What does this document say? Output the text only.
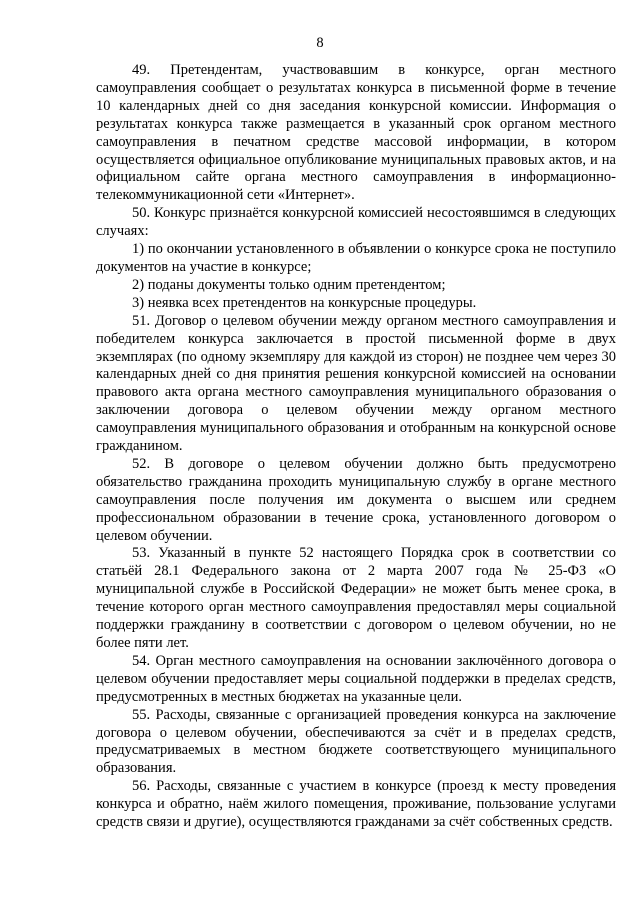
8

49. Претендентам, участвовавшим в конкурсе, орган местного самоуправления сообщает о результатах конкурса в письменной форме в течение 10 календарных дней со дня заседания конкурсной комиссии. Информация о результатах конкурса также размещается в указанный срок органом местного самоуправления в печатном средстве массовой информации, в котором осуществляется официальное опубликование муниципальных правовых актов, и на официальном сайте органа местного самоуправления в информационно-телекоммуникационной сети «Интернет».

50. Конкурс признаётся конкурсной комиссией несостоявшимся в следующих случаях:

1) по окончании установленного в объявлении о конкурсе срока не поступило документов на участие в конкурсе;

2) поданы документы только одним претендентом;

3) неявка всех претендентов на конкурсные процедуры.

51. Договор о целевом обучении между органом местного самоуправления и победителем конкурса заключается в простой письменной форме в двух экземплярах (по одному экземпляру для каждой из сторон) не позднее чем через 30 календарных дней со дня принятия решения конкурсной комиссией на основании правового акта органа местного самоуправления муниципального образования о заключении договора о целевом обучении между органом местного самоуправления муниципального образования и отобранным на конкурсной основе гражданином.

52. В договоре о целевом обучении должно быть предусмотрено обязательство гражданина проходить муниципальную службу в органе местного самоуправления после получения им документа о высшем или среднем профессиональном образовании в течение срока, установленного договором о целевом обучении.

53. Указанный в пункте 52 настоящего Порядка срок в соответствии со статьёй 28.1 Федерального закона от 2 марта 2007 года № 25-ФЗ «О муниципальной службе в Российской Федерации» не может быть менее срока, в течение которого орган местного самоуправления предоставлял меры социальной поддержки гражданину в соответствии с договором о целевом обучении, но не более пяти лет.

54. Орган местного самоуправления на основании заключённого договора о целевом обучении предоставляет меры социальной поддержки в пределах средств, предусмотренных в местных бюджетах на указанные цели.

55. Расходы, связанные с организацией проведения конкурса на заключение договора о целевом обучении, обеспечиваются за счёт и в пределах средств, предусматриваемых в местном бюджете соответствующего муниципального образования.

56. Расходы, связанные с участием в конкурсе (проезд к месту проведения конкурса и обратно, наём жилого помещения, проживание, пользование услугами средств связи и другие), осуществляются гражданами за счёт собственных средств.
